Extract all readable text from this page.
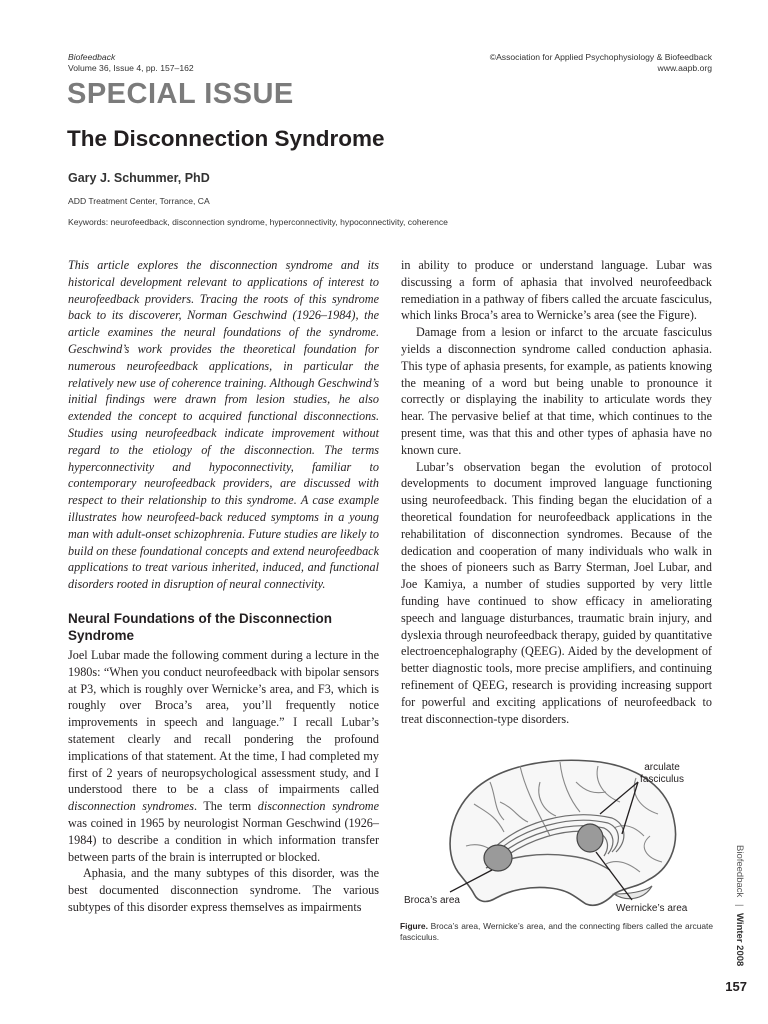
Biofeedback
Volume 36, Issue 4, pp. 157–162
©Association for Applied Psychophysiology & Biofeedback
www.aapb.org
SPECIAL ISSUE
The Disconnection Syndrome
Gary J. Schummer, PhD
ADD Treatment Center, Torrance, CA
Keywords: neurofeedback, disconnection syndrome, hyperconnectivity, hypoconnectivity, coherence

This article explores the disconnection syndrome and its historical development relevant to applications of interest to neurofeedback providers. Tracing the roots of this syndrome back to its discoverer, Norman Geschwind (1926–1984), the article examines the neural foundations of the syndrome. Geschwind’s work provides the theoretical foundation for numerous neurofeedback applications, in particular the relatively new use of coherence training. Although Geschwind’s initial findings were drawn from lesion studies, he also extended the concept to acquired functional disconnections. Studies using neurofeedback indicate improvement without regard to the etiology of the disconnection. The terms hyperconnectivity and hypoconnectivity, familiar to contemporary neurofeedback providers, are discussed with respect to their relationship to this syndrome. A case example illustrates how neurofeed-back reduced symptoms in a young man with adult-onset schizophrenia. Future studies are likely to build on these foundational concepts and extend neurofeedback applications to treat various inherited, induced, and functional disorders rooted in disruption of neural connectivity.

Neural Foundations of the Disconnection Syndrome

Joel Lubar made the following comment during a lecture in the 1980s: “When you conduct neurofeedback with bipolar sensors at P3, which is roughly over Wernicke’s area, and F3, which is roughly over Broca’s area, you’ll frequently notice improvements in speech and language.” I recall Lubar’s statement clearly and recall pondering the profound implications of that statement. At the time, I had completed my first of 2 years of neuropsychological assessment study, and I understood there to be a class of impairments called disconnection syndromes. The term disconnection syndrome was coined in 1965 by neurologist Norman Geschwind (1926–1984) to describe a condition in which information transfer between parts of the brain is interrupted or blocked.

Aphasia, and the many subtypes of this disorder, was the best documented disconnection syndrome. The various subtypes of this disorder express themselves as impairments

in ability to produce or understand language. Lubar was discussing a form of aphasia that involved neurofeedback remediation in a pathway of fibers called the arcuate fasciculus, which links Broca’s area to Wernicke’s area (see the Figure).

Damage from a lesion or infarct to the arcuate fasciculus yields a disconnection syndrome called conduction aphasia. This type of aphasia presents, for example, as patients knowing the meaning of a word but being unable to pronounce it correctly or displaying the inability to articulate words they hear. The pervasive belief at that time, which continues to the present time, was that this and other types of aphasia have no known cure.

Lubar’s observation began the evolution of protocol developments to document improved language functioning using neurofeedback. This finding began the elucidation of a theoretical foundation for neurofeedback applications in the rehabilitation of disconnection syndromes. Because of the dedication and cooperation of many individuals who walk in the shoes of pioneers such as Barry Sterman, Joel Lubar, and Joe Kamiya, a number of studies supported by very little funding have continued to show efficacy in ameliorating speech and language disturbances, traumatic brain injury, and dyslexia through neurofeedback therapy, guided by quantitative electroencephalography (QEEG). Aided by the development of better diagnostic tools, more precise amplifiers, and continuing refinement of QEEG, research is providing increasing support for powerful and exciting applications of neurofeedback to treat disconnection-type disorders.

arculate
fasciculus
Broca’s area
Wernicke’s area
Figure. Broca’s area, Wernicke’s area, and the connecting fibers called the arcuate fasciculus.
Biofeedback | Winter 2008
157
